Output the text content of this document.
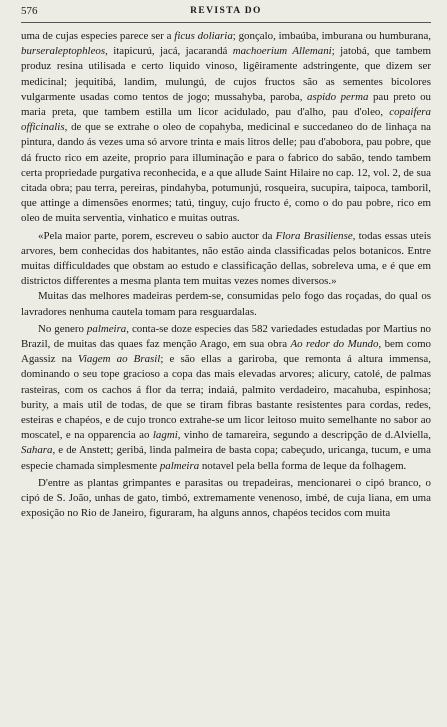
576	REVISTA DO

uma de cujas especies parece ser a ficus doliaria; gonçalo, imbaúba, imburana ou humburana, burseraleptophleos, itapicurú, jacá, jacarandá machoerium Allemani; jatobá, que tambem produz resina utilisada e certo liquido vinoso, ligêiramente adstringente, que dizem ser medicinal; jequitibá, landim, mulungú, de cujos fructos são as sementes bicolores vulgarmente usadas como tentos de jogo; mussahyba, paroba, aspido perma pau preto ou maria preta, que tambem estilla um licor acidulado, pau d'alho, pau d'oleo, copaifera officinalis, de que se extrahe o oleo de copahyba, medicinal e succedaneo do de linhaça na pintura, dando ás vezes uma só arvore trinta e mais litros delle; pau d'abobora, pau pobre, que dá fructo rico em azeite, proprio para illuminação e para o fabrico do sabão, tendo tambem certa propriedade purgativa reconhecida, e a que allude Saint Hilaire no cap. 12, vol. 2, de sua citada obra; pau terra, pereiras, pindahyba, potumunjú, rosqueira, sucupira, taipoca, tamboril, que attinge a dimensões enormes; tatú, tinguy, cujo fructo é, como o do pau pobre, rico em oleo de muita serventia, vinhatico e muitas outras.

«Pela maior parte, porem, escreveu o sabio auctor da Flora Brasiliense, todas essas uteis arvores, bem conhecidas dos habitantes, não estão ainda classificadas pelos botanicos. Entre muitas difficuldades que obstam ao estudo e classificação dellas, sobreleva uma, e é que em districtos differentes a mesma planta tem muitas vezes nomes diversos.»

Muitas das melhores madeiras perdem-se, consumidas pelo fogo das roçadas, do qual os lavradores nenhuma cautela tomam para resguardalas.

No genero palmeira, conta-se doze especies das 582 variedades estudadas por Martius no Brazil, de muitas das quaes faz menção Arago, em sua obra Ao redor do Mundo, bem como Agassiz na Viagem ao Brasil; e são ellas a gariroba, que remonta á altura immensa, dominando o seu tope gracioso a copa das mais elevadas arvores; alicury, catolé, de palmas rasteiras, com os cachos á flor da terra; indaiá, palmito verdadeiro, macahuba, espinhosa; burity, a mais util de todas, de que se tiram fibras bastante resistentes para cordas, redes, esteiras e chapéos, e de cujo tronco extrahe-se um licor leitoso muito semelhante no sabor ao moscatel, e na opparencia ao lagmi, vinho de tamareira, segundo a descripção de d.Alviella, Sahara, e de Anstett; geribá, linda palmeira de basta copa; cabeçudo, uricanga, tucum, e uma especie chamada simplesmente palmeira notavel pela bella forma de leque da folhagem.

D'entre as plantas grimpantes e parasitas ou trepadeiras, mencionarei o cipó branco, o cipó de S. João, unhas de gato, timbó, extremamente venenoso, imbé, de cuja liana, em uma exposição no Rio de Janeiro, figuraram, ha alguns annos, chapéos tecidos com muita
